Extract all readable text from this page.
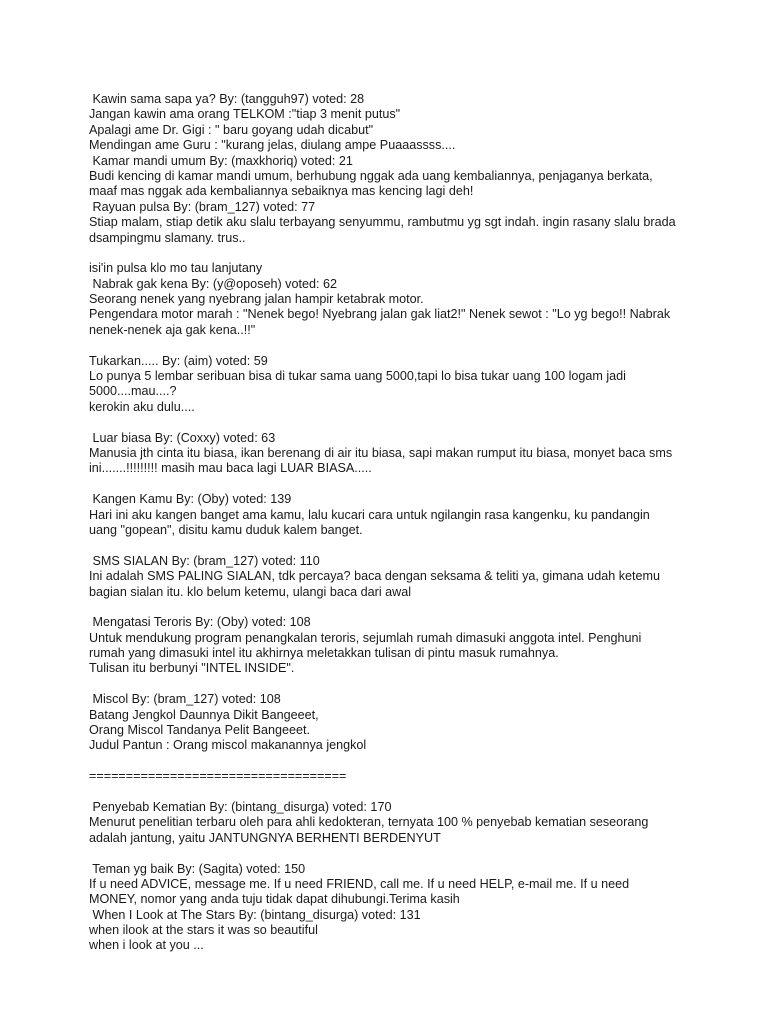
Kawin sama sapa ya? By: (tangguh97) voted: 28
Jangan kawin ama orang TELKOM :"tiap 3 menit putus"
Apalagi ame Dr. Gigi : " baru goyang udah dicabut"
Mendingan ame Guru : "kurang jelas, diulang ampe Puaaassss....
Kamar mandi umum By: (maxkhoriq) voted: 21
Budi kencing di kamar mandi umum, berhubung nggak ada uang kembaliannya, penjaganya berkata,
maaf mas nggak ada kembaliannya sebaiknya mas kencing lagi deh!
Rayuan pulsa By: (bram_127) voted: 77
Stiap malam, stiap detik aku slalu terbayang senyummu, rambutmu yg sgt indah. ingin rasany slalu brada
dsampingmu slamany. trus..
isi'in pulsa klo mo tau lanjutany
Nabrak gak kena By: (y@oposeh) voted: 62
Seorang nenek yang nyebrang jalan hampir ketabrak motor.
Pengendara motor marah : "Nenek bego! Nyebrang jalan gak liat2!" Nenek sewot : "Lo yg bego!! Nabrak
nenek-nenek aja gak kena..!!"
Tukarkan..... By: (aim) voted: 59
Lo punya 5 lembar seribuan bisa di tukar sama uang 5000,tapi lo bisa tukar uang 100 logam jadi
5000....mau....?
kerokin aku dulu....
Luar biasa By: (Coxxy) voted: 63
Manusia jth cinta itu biasa, ikan berenang di air itu biasa, sapi makan rumput itu biasa, monyet baca sms
ini.......!!!!!!!!! masih mau baca lagi LUAR BIASA.....
Kangen Kamu By: (Oby) voted: 139
Hari ini aku kangen banget ama kamu, lalu kucari cara untuk ngilangin rasa kangenku, ku pandangin
uang "gopean", disitu kamu duduk kalem banget.
SMS SIALAN By: (bram_127) voted: 110
Ini adalah SMS PALING SIALAN, tdk percaya? baca dengan seksama & teliti ya, gimana udah ketemu
bagian sialan itu. klo belum ketemu, ulangi baca dari awal
Mengatasi Teroris By: (Oby) voted: 108
Untuk mendukung program penangkalan teroris, sejumlah rumah dimasuki anggota intel. Penghuni
rumah yang dimasuki intel itu akhirnya meletakkan tulisan di pintu masuk rumahnya.
Tulisan itu berbunyi "INTEL INSIDE".
Miscol By: (bram_127) voted: 108
Batang Jengkol Daunnya Dikit Bangeeet,
Orang Miscol Tandanya Pelit Bangeeet.
Judul Pantun : Orang miscol makanannya jengkol
===================================
Penyebab Kematian By: (bintang_disurga) voted: 170
Menurut penelitian terbaru oleh para ahli kedokteran, ternyata 100 % penyebab kematian seseorang
adalah jantung, yaitu JANTUNGNYA BERHENTI BERDENYUT
Teman yg baik By: (Sagita) voted: 150
If u need ADVICE, message me. If u need FRIEND, call me. If u need HELP, e-mail me. If u need
MONEY, nomor yang anda tuju tidak dapat dihubungi.Terima kasih
When I Look at The Stars By: (bintang_disurga) voted: 131
when ilook at the stars it was so beautiful
when i look at you ...
